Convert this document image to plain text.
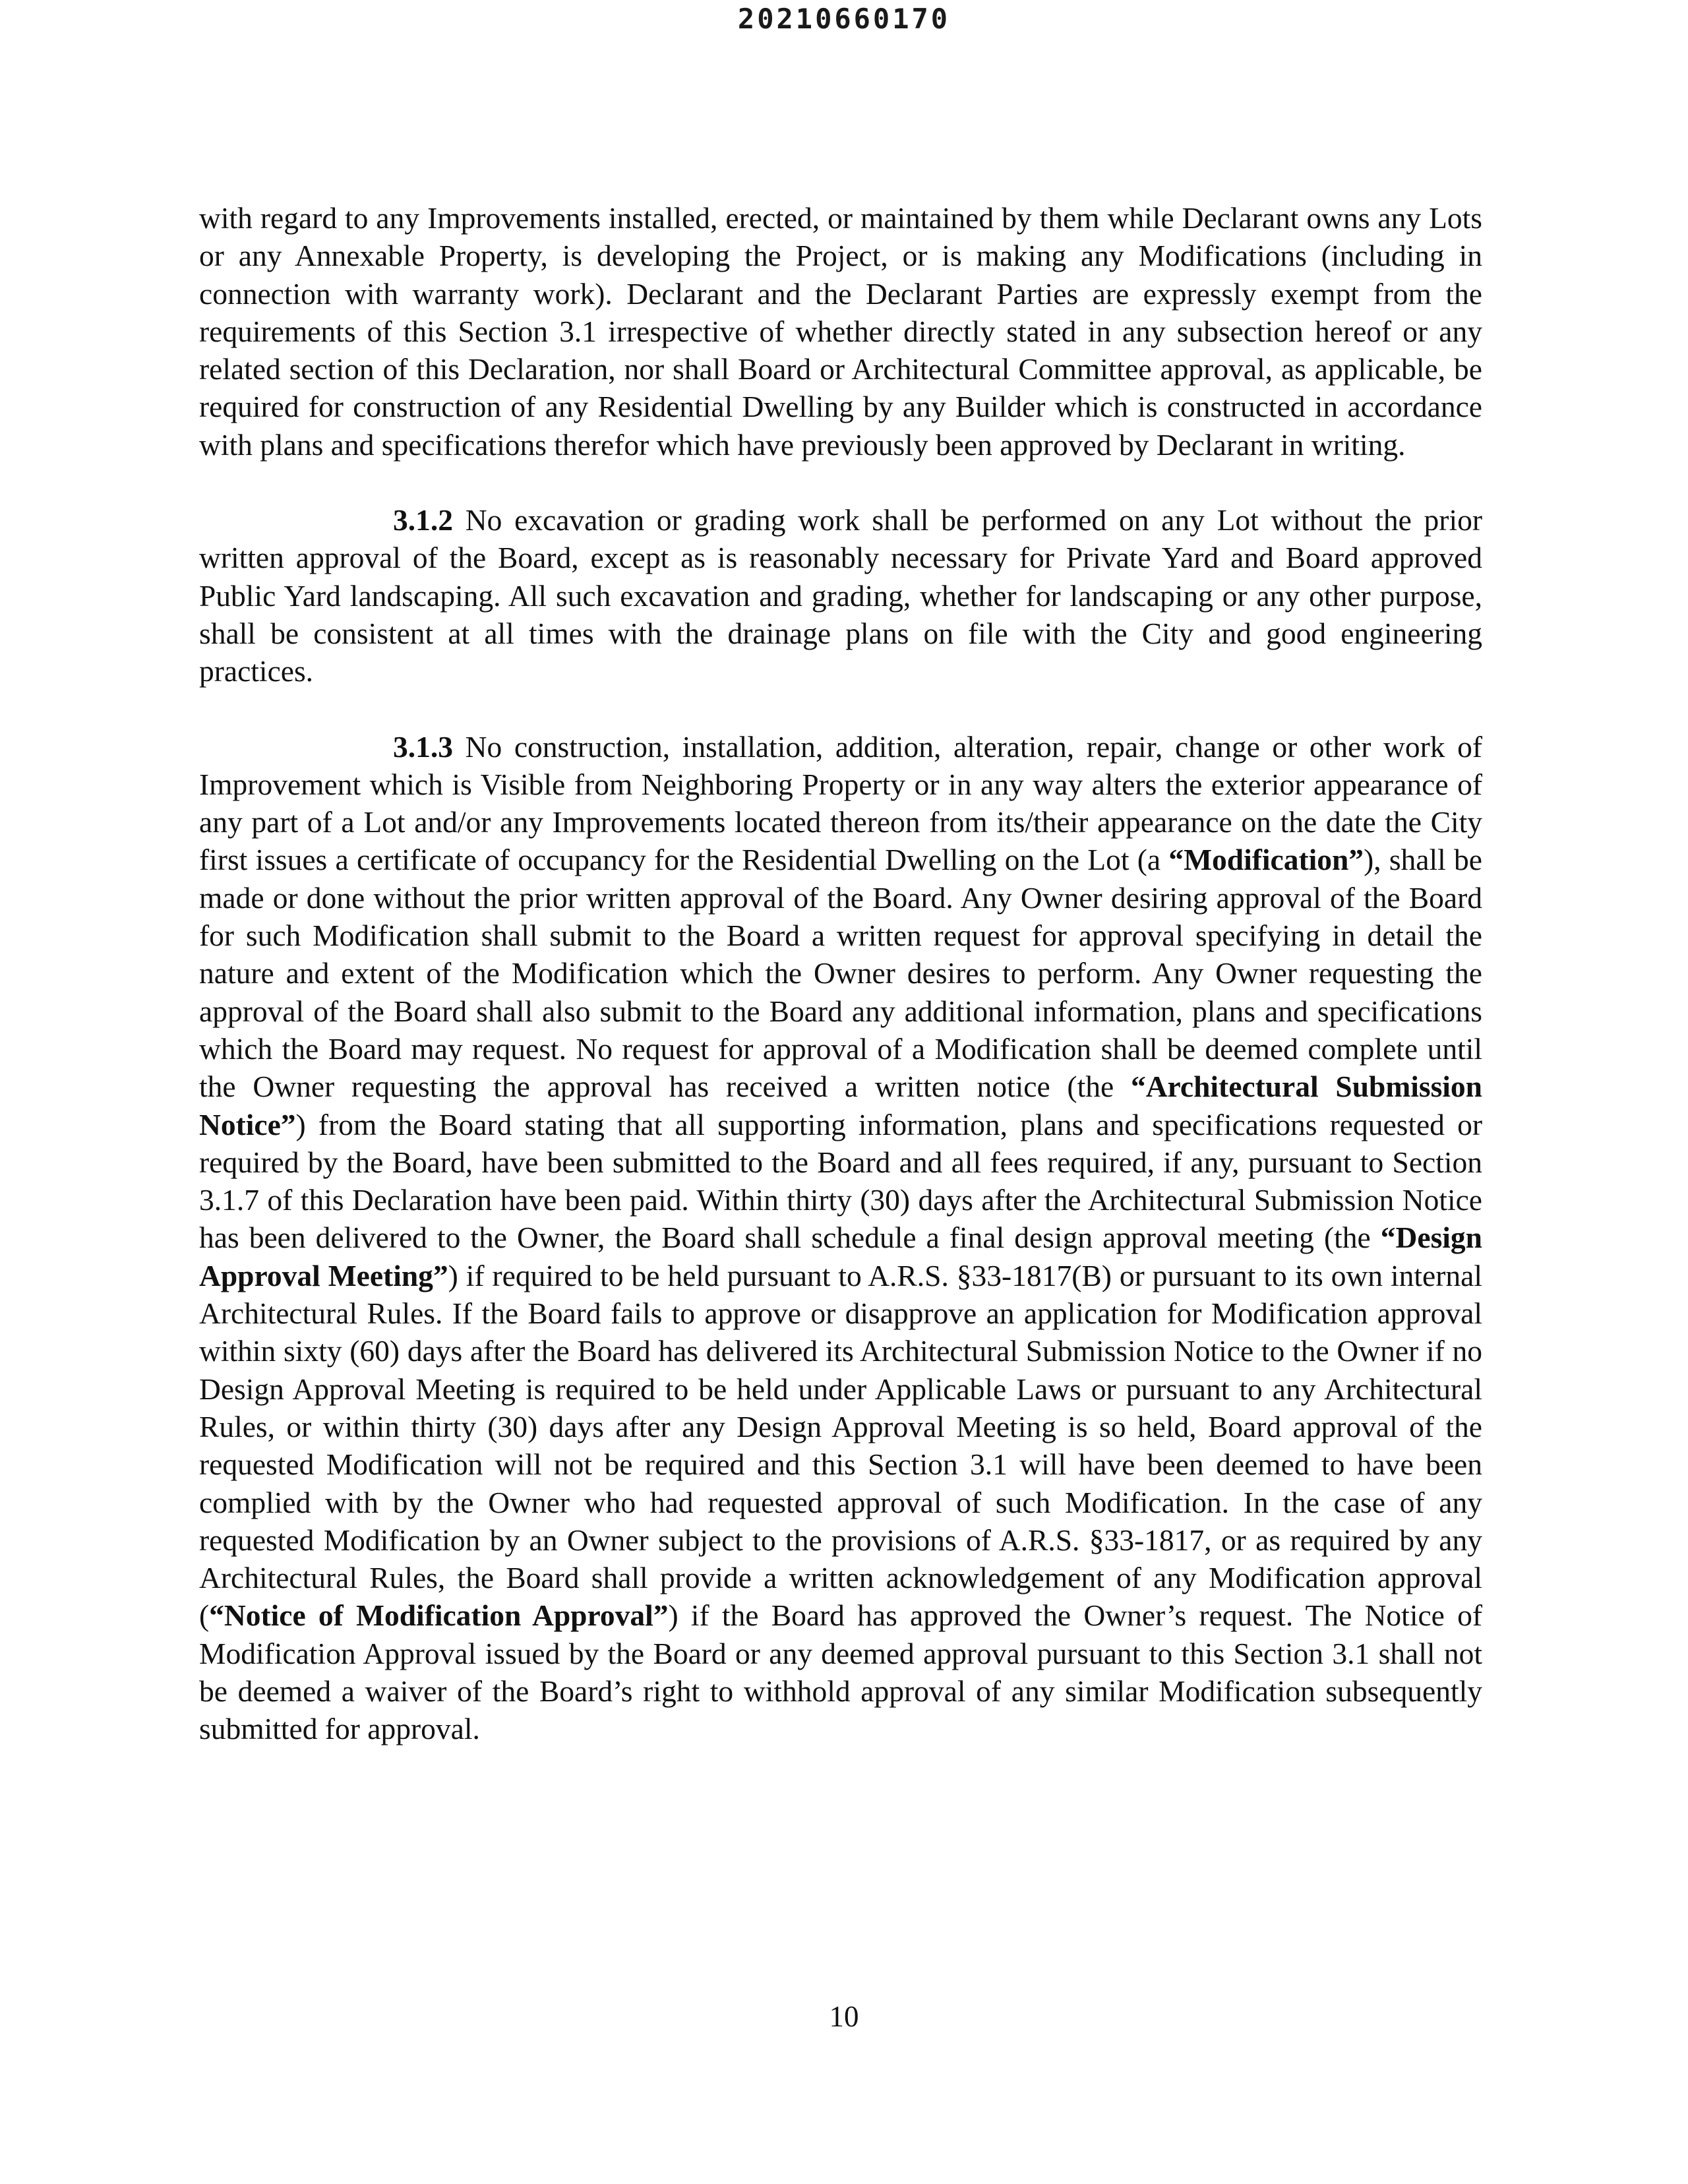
20210660170

with regard to any Improvements installed, erected, or maintained by them while Declarant owns any Lots or any Annexable Property, is developing the Project, or is making any Modifications (including in connection with warranty work). Declarant and the Declarant Parties are expressly exempt from the requirements of this Section 3.1 irrespective of whether directly stated in any subsection hereof or any related section of this Declaration, nor shall Board or Architectural Committee approval, as applicable, be required for construction of any Residential Dwelling by any Builder which is constructed in accordance with plans and specifications therefor which have previously been approved by Declarant in writing.

3.1.2 No excavation or grading work shall be performed on any Lot without the prior written approval of the Board, except as is reasonably necessary for Private Yard and Board approved Public Yard landscaping. All such excavation and grading, whether for landscaping or any other purpose, shall be consistent at all times with the drainage plans on file with the City and good engineering practices.

3.1.3 No construction, installation, addition, alteration, repair, change or other work of Improvement which is Visible from Neighboring Property or in any way alters the exterior appearance of any part of a Lot and/or any Improvements located thereon from its/their appearance on the date the City first issues a certificate of occupancy for the Residential Dwelling on the Lot (a “Modification”), shall be made or done without the prior written approval of the Board. Any Owner desiring approval of the Board for such Modification shall submit to the Board a written request for approval specifying in detail the nature and extent of the Modification which the Owner desires to perform. Any Owner requesting the approval of the Board shall also submit to the Board any additional information, plans and specifications which the Board may request. No request for approval of a Modification shall be deemed complete until the Owner requesting the approval has received a written notice (the “Architectural Submission Notice”) from the Board stating that all supporting information, plans and specifications requested or required by the Board, have been submitted to the Board and all fees required, if any, pursuant to Section 3.1.7 of this Declaration have been paid. Within thirty (30) days after the Architectural Submission Notice has been delivered to the Owner, the Board shall schedule a final design approval meeting (the “Design Approval Meeting”) if required to be held pursuant to A.R.S. §33-1817(B) or pursuant to its own internal Architectural Rules. If the Board fails to approve or disapprove an application for Modification approval within sixty (60) days after the Board has delivered its Architectural Submission Notice to the Owner if no Design Approval Meeting is required to be held under Applicable Laws or pursuant to any Architectural Rules, or within thirty (30) days after any Design Approval Meeting is so held, Board approval of the requested Modification will not be required and this Section 3.1 will have been deemed to have been complied with by the Owner who had requested approval of such Modification. In the case of any requested Modification by an Owner subject to the provisions of A.R.S. §33-1817, or as required by any Architectural Rules, the Board shall provide a written acknowledgement of any Modification approval (“Notice of Modification Approval”) if the Board has approved the Owner’s request. The Notice of Modification Approval issued by the Board or any deemed approval pursuant to this Section 3.1 shall not be deemed a waiver of the Board’s right to withhold approval of any similar Modification subsequently submitted for approval.

10
